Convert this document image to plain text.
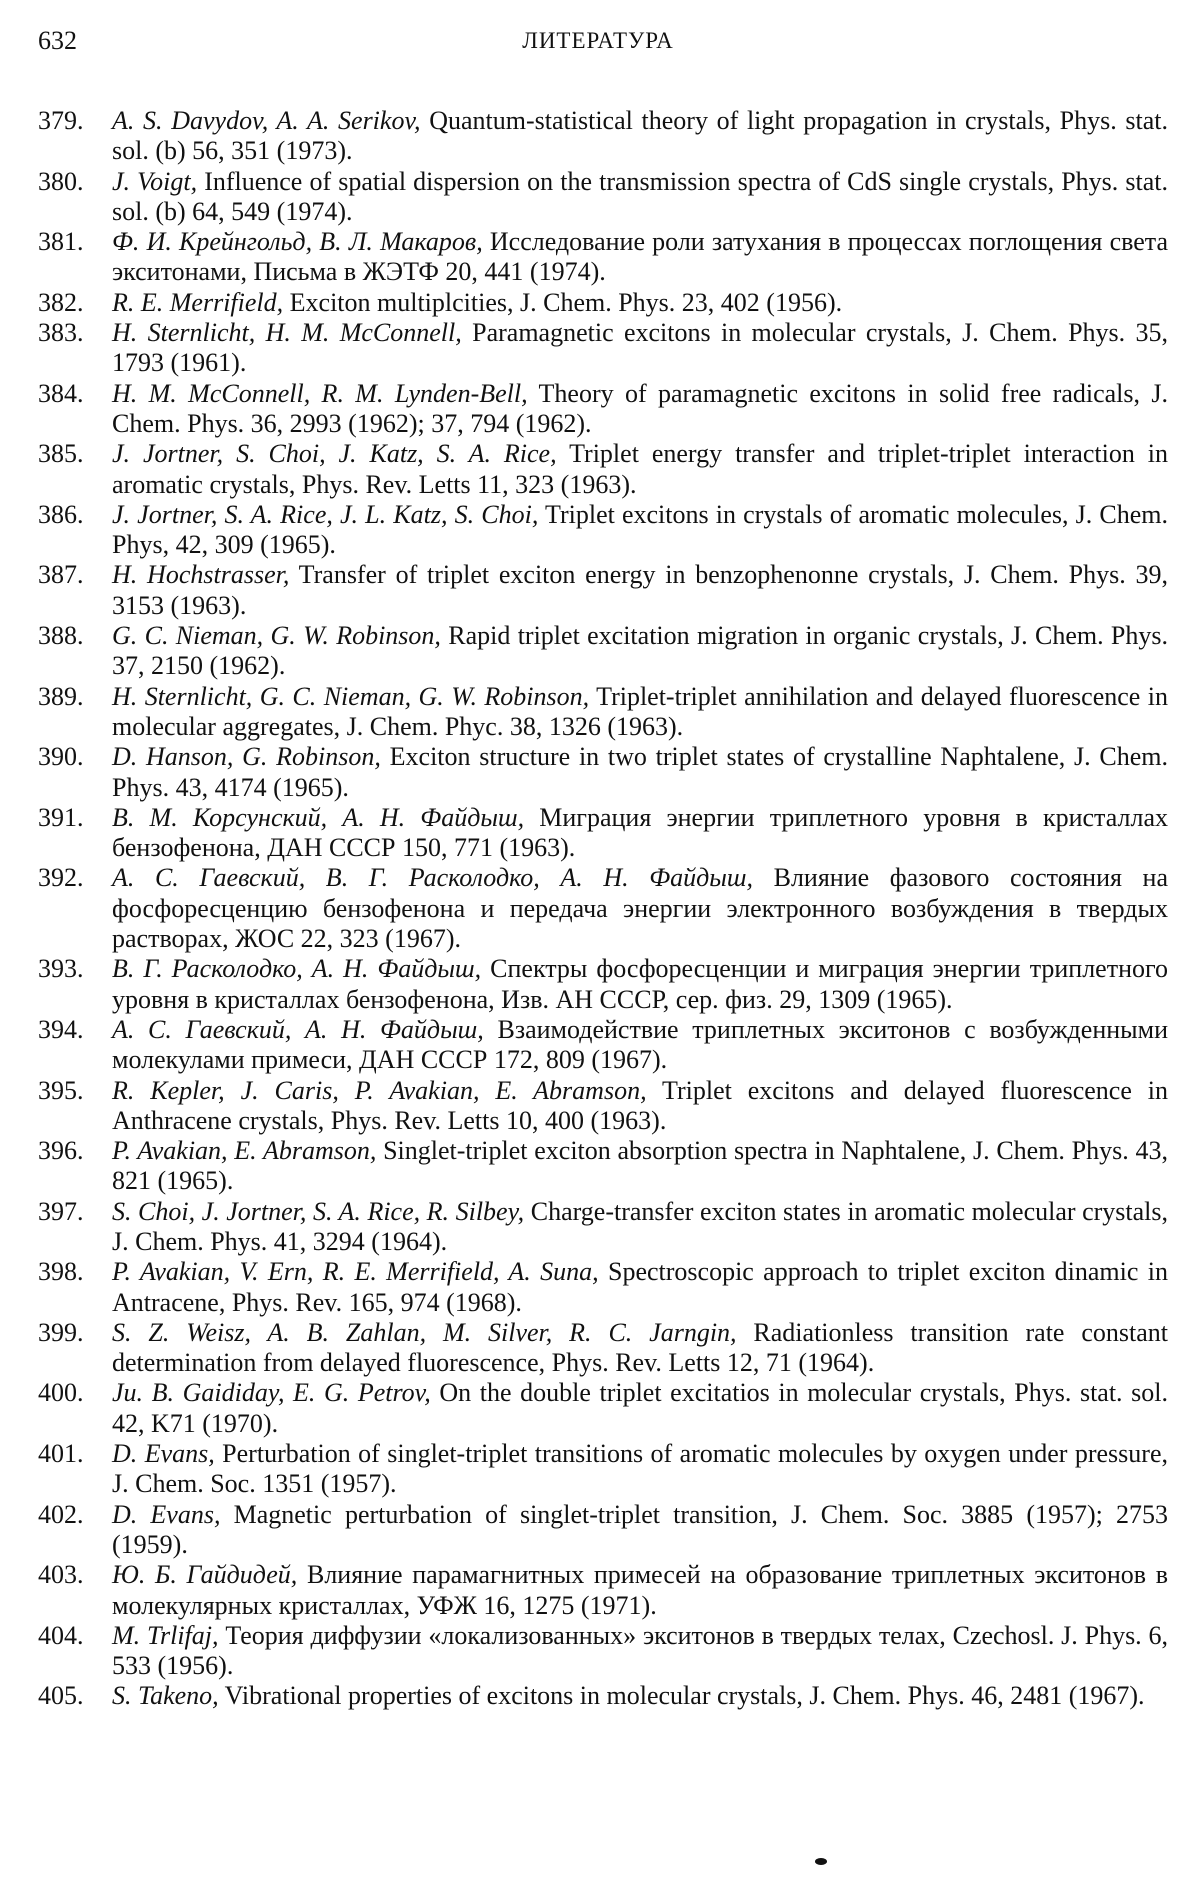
632	ЛИТЕРАТУРА
379.	A. S. Davydov, A. A. Serikov, Quantum-statistical theory of light propagation in crystals, Phys. stat. sol. (b) 56, 351 (1973).
380.	J. Voigt, Influence of spatial dispersion on the transmission spectra of CdS single crystals, Phys. stat. sol. (b) 64, 549 (1974).
381.	Ф. И. Крейнгольд, В. Л. Макаров, Исследование роли затухания в процессах поглощения света экситонами, Письма в ЖЭТФ 20, 441 (1974).
382.	R. E. Merrifield, Exciton multiplcities, J. Chem. Phys. 23, 402 (1956).
383.	H. Sternlicht, H. M. McConnell, Paramagnetic excitons in molecular crystals, J. Chem. Phys. 35, 1793 (1961).
384.	H. M. McConnell, R. M. Lynden-Bell, Theory of paramagnetic excitons in solid free radicals, J. Chem. Phys. 36, 2993 (1962); 37, 794 (1962).
385.	J. Jortner, S. Choi, J. Katz, S. A. Rice, Triplet energy transfer and triplet-triplet interaction in aromatic crystals, Phys. Rev. Letts 11, 323 (1963).
386.	J. Jortner, S. A. Rice, J. L. Katz, S. Choi, Triplet excitons in crystals of aromatic molecules, J. Chem. Phys, 42, 309 (1965).
387.	H. Hochstrasser, Transfer of triplet exciton energy in benzophenonne crystals, J. Chem. Phys. 39, 3153 (1963).
388.	G. C. Nieman, G. W. Robinson, Rapid triplet excitation migration in organic crystals, J. Chem. Phys. 37, 2150 (1962).
389.	H. Sternlicht, G. C. Nieman, G. W. Robinson, Triplet-triplet annihilation and delayed fluorescence in molecular aggregates, J. Chem. Phyc. 38, 1326 (1963).
390.	D. Hanson, G. Robinson, Exciton structure in two triplet states of crystalline Naphtalene, J. Chem. Phys. 43, 4174 (1965).
391.	В. М. Корсунский, А. Н. Файдыш, Миграция энергии триплетного уровня в кристаллах бензофенона, ДАН СССР 150, 771 (1963).
392.	А. С. Гаевский, В. Г. Расколодко, А. Н. Файдыш, Влияние фазового состояния на фосфоресценцию бензофенона и передача энергии электронного возбуждения в твердых растворах, ЖОС 22, 323 (1967).
393.	В. Г. Расколодко, А. Н. Файдыш, Спектры фосфоресценции и миграция энергии триплетного уровня в кристаллах бензофенона, Изв. АН СССР, сер. физ. 29, 1309 (1965).
394.	А. С. Гаевский, А. Н. Файдыш, Взаимодействие триплетных экситонов с возбужденными молекулами примеси, ДАН СССР 172, 809 (1967).
395.	R. Kepler, J. Caris, P. Avakian, E. Abramson, Triplet excitons and delayed fluorescence in Anthracene crystals, Phys. Rev. Letts 10, 400 (1963).
396.	P. Avakian, E. Abramson, Singlet-triplet exciton absorption spectra in Naphtalene, J. Chem. Phys. 43, 821 (1965).
397.	S. Choi, J. Jortner, S. A. Rice, R. Silbey, Charge-transfer exciton states in aromatic molecular crystals, J. Chem. Phys. 41, 3294 (1964).
398.	P. Avakian, V. Ern, R. E. Merrifield, A. Suna, Spectroscopic approach to triplet exciton dinamic in Antracene, Phys. Rev. 165, 974 (1968).
399.	S. Z. Weisz, A. B. Zahlan, M. Silver, R. C. Jarngin, Radiationless transition rate constant determination from delayed fluorescence, Phys. Rev. Letts 12, 71 (1964).
400.	Ju. B. Gaididay, E. G. Petrov, On the double triplet excitatios in molecular crystals, Phys. stat. sol. 42, K71 (1970).
401.	D. Evans, Perturbation of singlet-triplet transitions of aromatic molecules by oxygen under pressure, J. Chem. Soc. 1351 (1957).
402.	D. Evans, Magnetic perturbation of singlet-triplet transition, J. Chem. Soc. 3885 (1957); 2753 (1959).
403.	Ю. Б. Гайдидей, Влияние парамагнитных примесей на образование триплетных экситонов в молекулярных кристаллах, УФЖ 16, 1275 (1971).
404.	M. Trlifaj, Теория диффузии «локализованных» экситонов в твердых телах, Czechosl. J. Phys. 6, 533 (1956).
405.	S. Takeno, Vibrational properties of excitons in molecular crystals, J. Chem. Phys. 46, 2481 (1967).
